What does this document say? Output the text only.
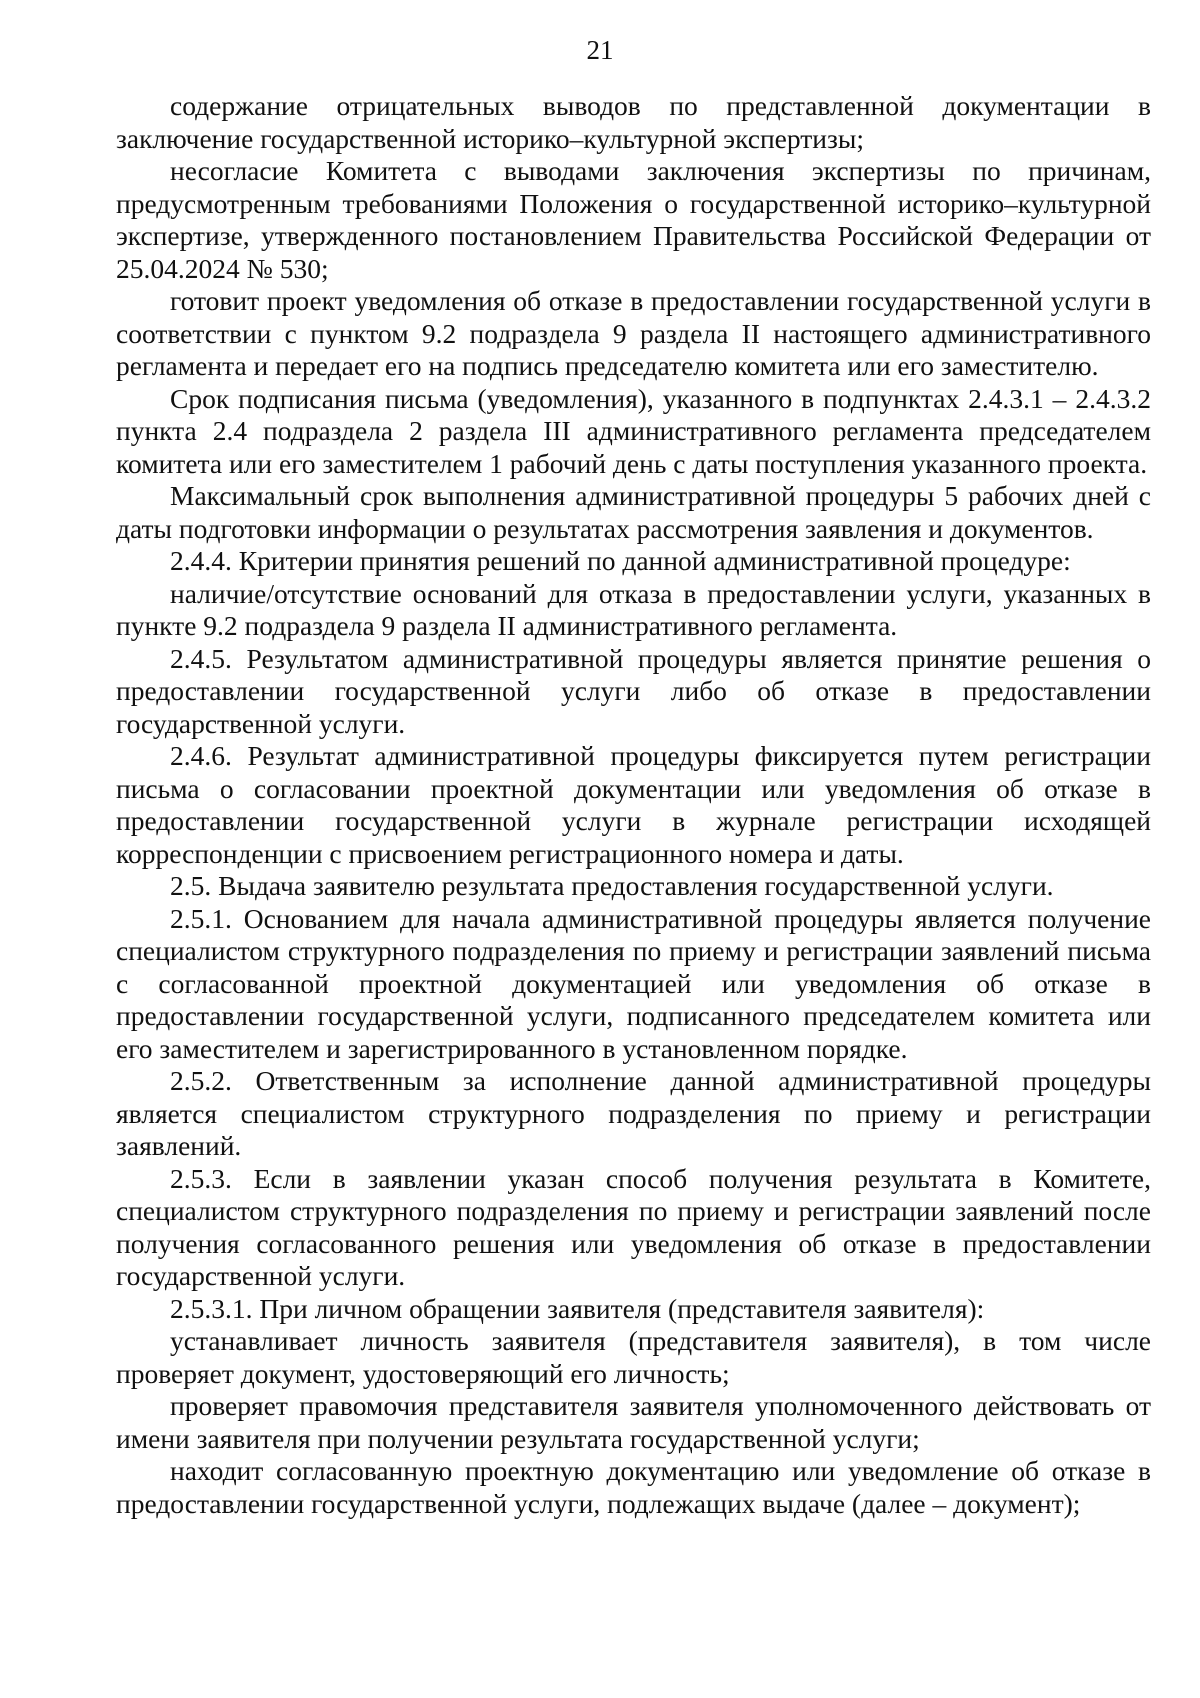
21

содержание отрицательных выводов по представленной документации в заключение государственной историко–культурной экспертизы;

несогласие Комитета с выводами заключения экспертизы по причинам, предусмотренным требованиями Положения о государственной историко–культурной экспертизе, утвержденного постановлением Правительства Российской Федерации от 25.04.2024 № 530;

готовит проект уведомления об отказе в предоставлении государственной услуги в соответствии с пунктом 9.2 подраздела 9 раздела II настоящего административного регламента и передает его на подпись председателю комитета или его заместителю.

Срок подписания письма (уведомления), указанного в подпунктах 2.4.3.1 – 2.4.3.2 пункта 2.4 подраздела 2 раздела III административного регламента председателем комитета или его заместителем 1 рабочий день с даты поступления указанного проекта.

Максимальный срок выполнения административной процедуры 5 рабочих дней с даты подготовки информации о результатах рассмотрения заявления и документов.

2.4.4. Критерии принятия решений по данной административной процедуре:

наличие/отсутствие оснований для отказа в предоставлении услуги, указанных в пункте 9.2 подраздела 9 раздела II административного регламента.

2.4.5. Результатом административной процедуры является принятие решения о предоставлении государственной услуги либо об отказе в предоставлении государственной услуги.

2.4.6. Результат административной процедуры фиксируется путем регистрации письма о согласовании проектной документации или уведомления об отказе в предоставлении государственной услуги в журнале регистрации исходящей корреспонденции с присвоением регистрационного номера и даты.

2.5. Выдача заявителю результата предоставления государственной услуги.

2.5.1. Основанием для начала административной процедуры является получение специалистом структурного подразделения по приему и регистрации заявлений письма с согласованной проектной документацией или уведомления об отказе в предоставлении государственной услуги, подписанного председателем комитета или его заместителем и зарегистрированного в установленном порядке.

2.5.2. Ответственным за исполнение данной административной процедуры является специалистом структурного подразделения по приему и регистрации заявлений.

2.5.3. Если в заявлении указан способ получения результата в Комитете, специалистом структурного подразделения по приему и регистрации заявлений после получения согласованного решения или уведомления об отказе в предоставлении государственной услуги.

2.5.3.1. При личном обращении заявителя (представителя заявителя):

устанавливает личность заявителя (представителя заявителя), в том числе проверяет документ, удостоверяющий его личность;

проверяет правомочия представителя заявителя уполномоченного действовать от имени заявителя при получении результата государственной услуги;

находит согласованную проектную документацию или уведомление об отказе в предоставлении государственной услуги, подлежащих выдаче (далее – документ);
